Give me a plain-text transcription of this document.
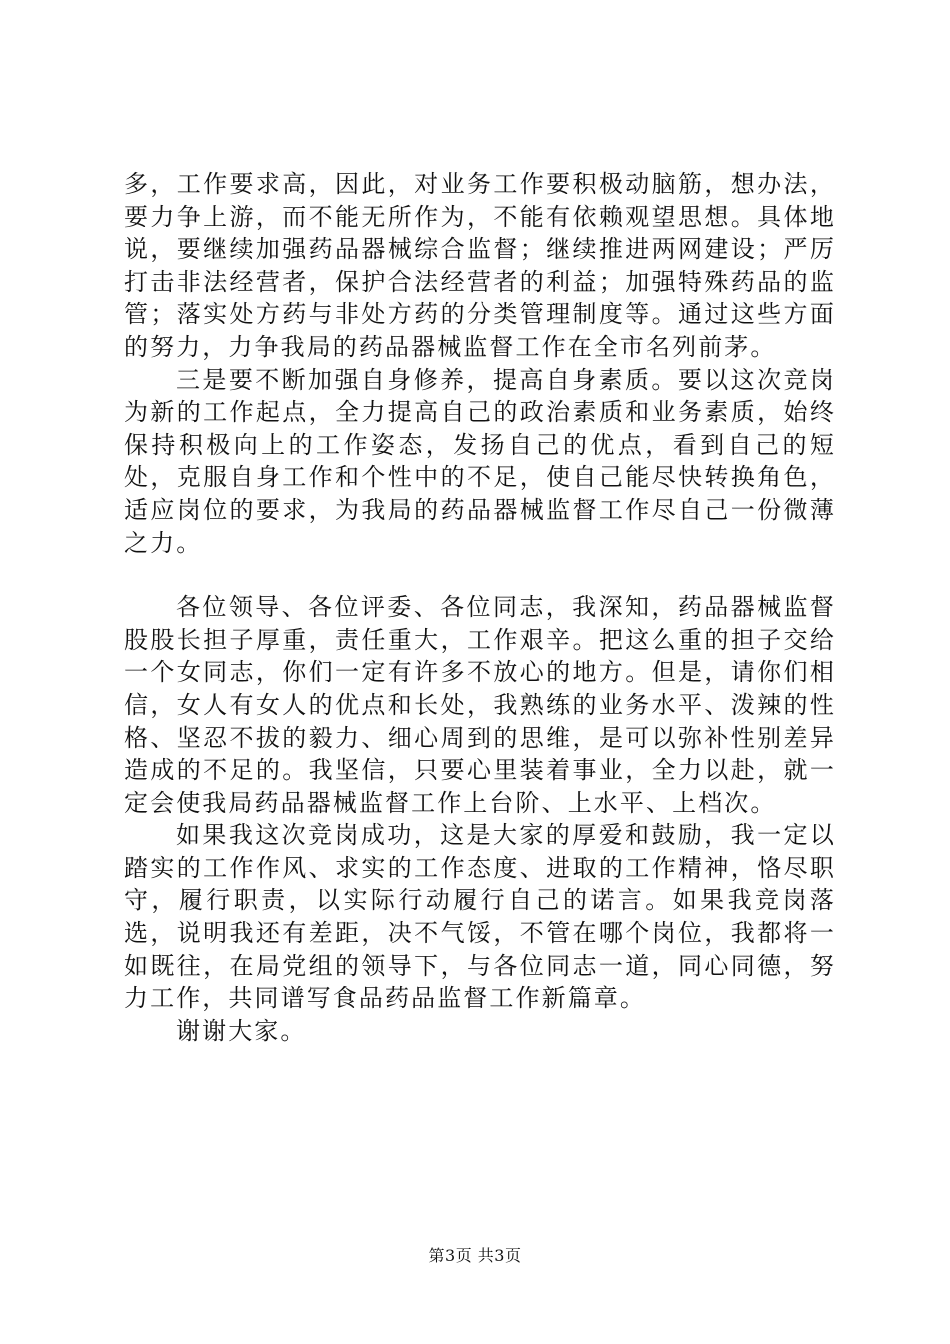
多，工作要求高，因此，对业务工作要积极动脑筋，想办法，要力争上游，而不能无所作为，不能有依赖观望思想。具体地说，要继续加强药品器械综合监督；继续推进两网建设；严厉打击非法经营者，保护合法经营者的利益；加强特殊药品的监管；落实处方药与非处方药的分类管理制度等。通过这些方面的努力，力争我局的药品器械监督工作在全市名列前茅。

三是要不断加强自身修养，提高自身素质。要以这次竞岗为新的工作起点，全力提高自己的政治素质和业务素质，始终保持积极向上的工作姿态，发扬自己的优点，看到自己的短处，克服自身工作和个性中的不足，使自己能尽快转换角色，适应岗位的要求，为我局的药品器械监督工作尽自己一份微薄之力。

各位领导、各位评委、各位同志，我深知，药品器械监督股股长担子厚重，责任重大，工作艰辛。把这么重的担子交给一个女同志，你们一定有许多不放心的地方。但是，请你们相信，女人有女人的优点和长处，我熟练的业务水平、泼辣的性格、坚忍不拔的毅力、细心周到的思维，是可以弥补性别差异造成的不足的。我坚信，只要心里装着事业，全力以赴，就一定会使我局药品器械监督工作上台阶、上水平、上档次。

如果我这次竞岗成功，这是大家的厚爱和鼓励，我一定以踏实的工作作风、求实的工作态度、进取的工作精神，恪尽职守，履行职责，以实际行动履行自己的诺言。如果我竞岗落选，说明我还有差距，决不气馁，不管在哪个岗位，我都将一如既往，在局党组的领导下，与各位同志一道，同心同德，努力工作，共同谱写食品药品监督工作新篇章。

谢谢大家。

第3页 共3页
